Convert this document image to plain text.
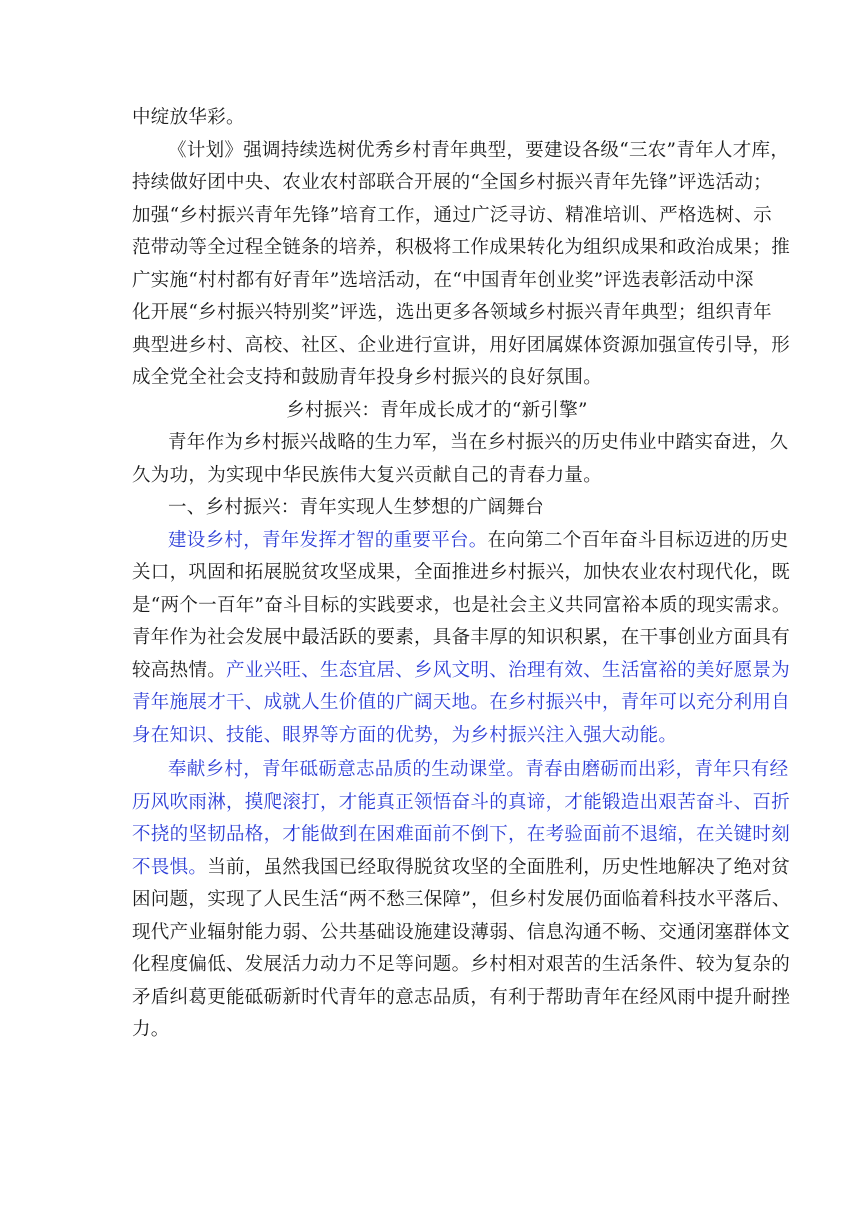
中绽放华彩。
《计划》强调持续选树优秀乡村青年典型，要建设各级“三农”青年人才库，
持续做好团中央、农业农村部联合开展的“全国乡村振兴青年先锋”评选活动；
加强“乡村振兴青年先锋”培育工作，通过广泛寻访、精准培训、严格选树、示
范带动等全过程全链条的培养，积极将工作成果转化为组织成果和政治成果；推
广实施“村村都有好青年”选培活动，在“中国青年创业奖”评选表彰活动中深
化开展“乡村振兴特别奖”评选，选出更多各领域乡村振兴青年典型；组织青年
典型进乡村、高校、社区、企业进行宣讲，用好团属媒体资源加强宣传引导，形
成全党全社会支持和鼓励青年投身乡村振兴的良好氛围。
乡村振兴：青年成长成才的“新引擎”
青年作为乡村振兴战略的生力军，当在乡村振兴的历史伟业中踏实奋进，久
久为功，为实现中华民族伟大复兴贡献自己的青春力量。
一、乡村振兴：青年实现人生梦想的广阔舞台
建设乡村，青年发挥才智的重要平台。在向第二个百年奋斗目标迈进的历史
关口，巩固和拓展脱贫攻坚成果，全面推进乡村振兴，加快农业农村现代化，既
是“两个一百年”奋斗目标的实践要求，也是社会主义共同富裕本质的现实需求。
青年作为社会发展中最活跃的要素，具备丰厚的知识积累，在干事创业方面具有
较高热情。产业兴旺、生态宜居、乡风文明、治理有效、生活富裕的美好愿景为
青年施展才干、成就人生价值的广阔天地。在乡村振兴中，青年可以充分利用自
身在知识、技能、眼界等方面的优势，为乡村振兴注入强大动能。
奉献乡村，青年砥砺意志品质的生动课堂。青春由磨砺而出彩，青年只有经
历风吹雨淋，摸爬滚打，才能真正领悟奋斗的真谛，才能锻造出艰苦奋斗、百折
不挠的坚韧品格，才能做到在困难面前不倒下，在考验面前不退缩，在关键时刻
不畏惧。当前，虽然我国已经取得脱贫攻坚的全面胜利，历史性地解决了绝对贫
困问题，实现了人民生活“两不愁三保障”，但乡村发展仍面临着科技水平落后、
现代产业辐射能力弱、公共基础设施建设薄弱、信息沟通不畅、交通闭塞群体文
化程度偏低、发展活力动力不足等问题。乡村相对艰苦的生活条件、较为复杂的
矛盾纠葛更能砥砺新时代青年的意志品质，有利于帮助青年在经风雨中提升耐挫
力。
